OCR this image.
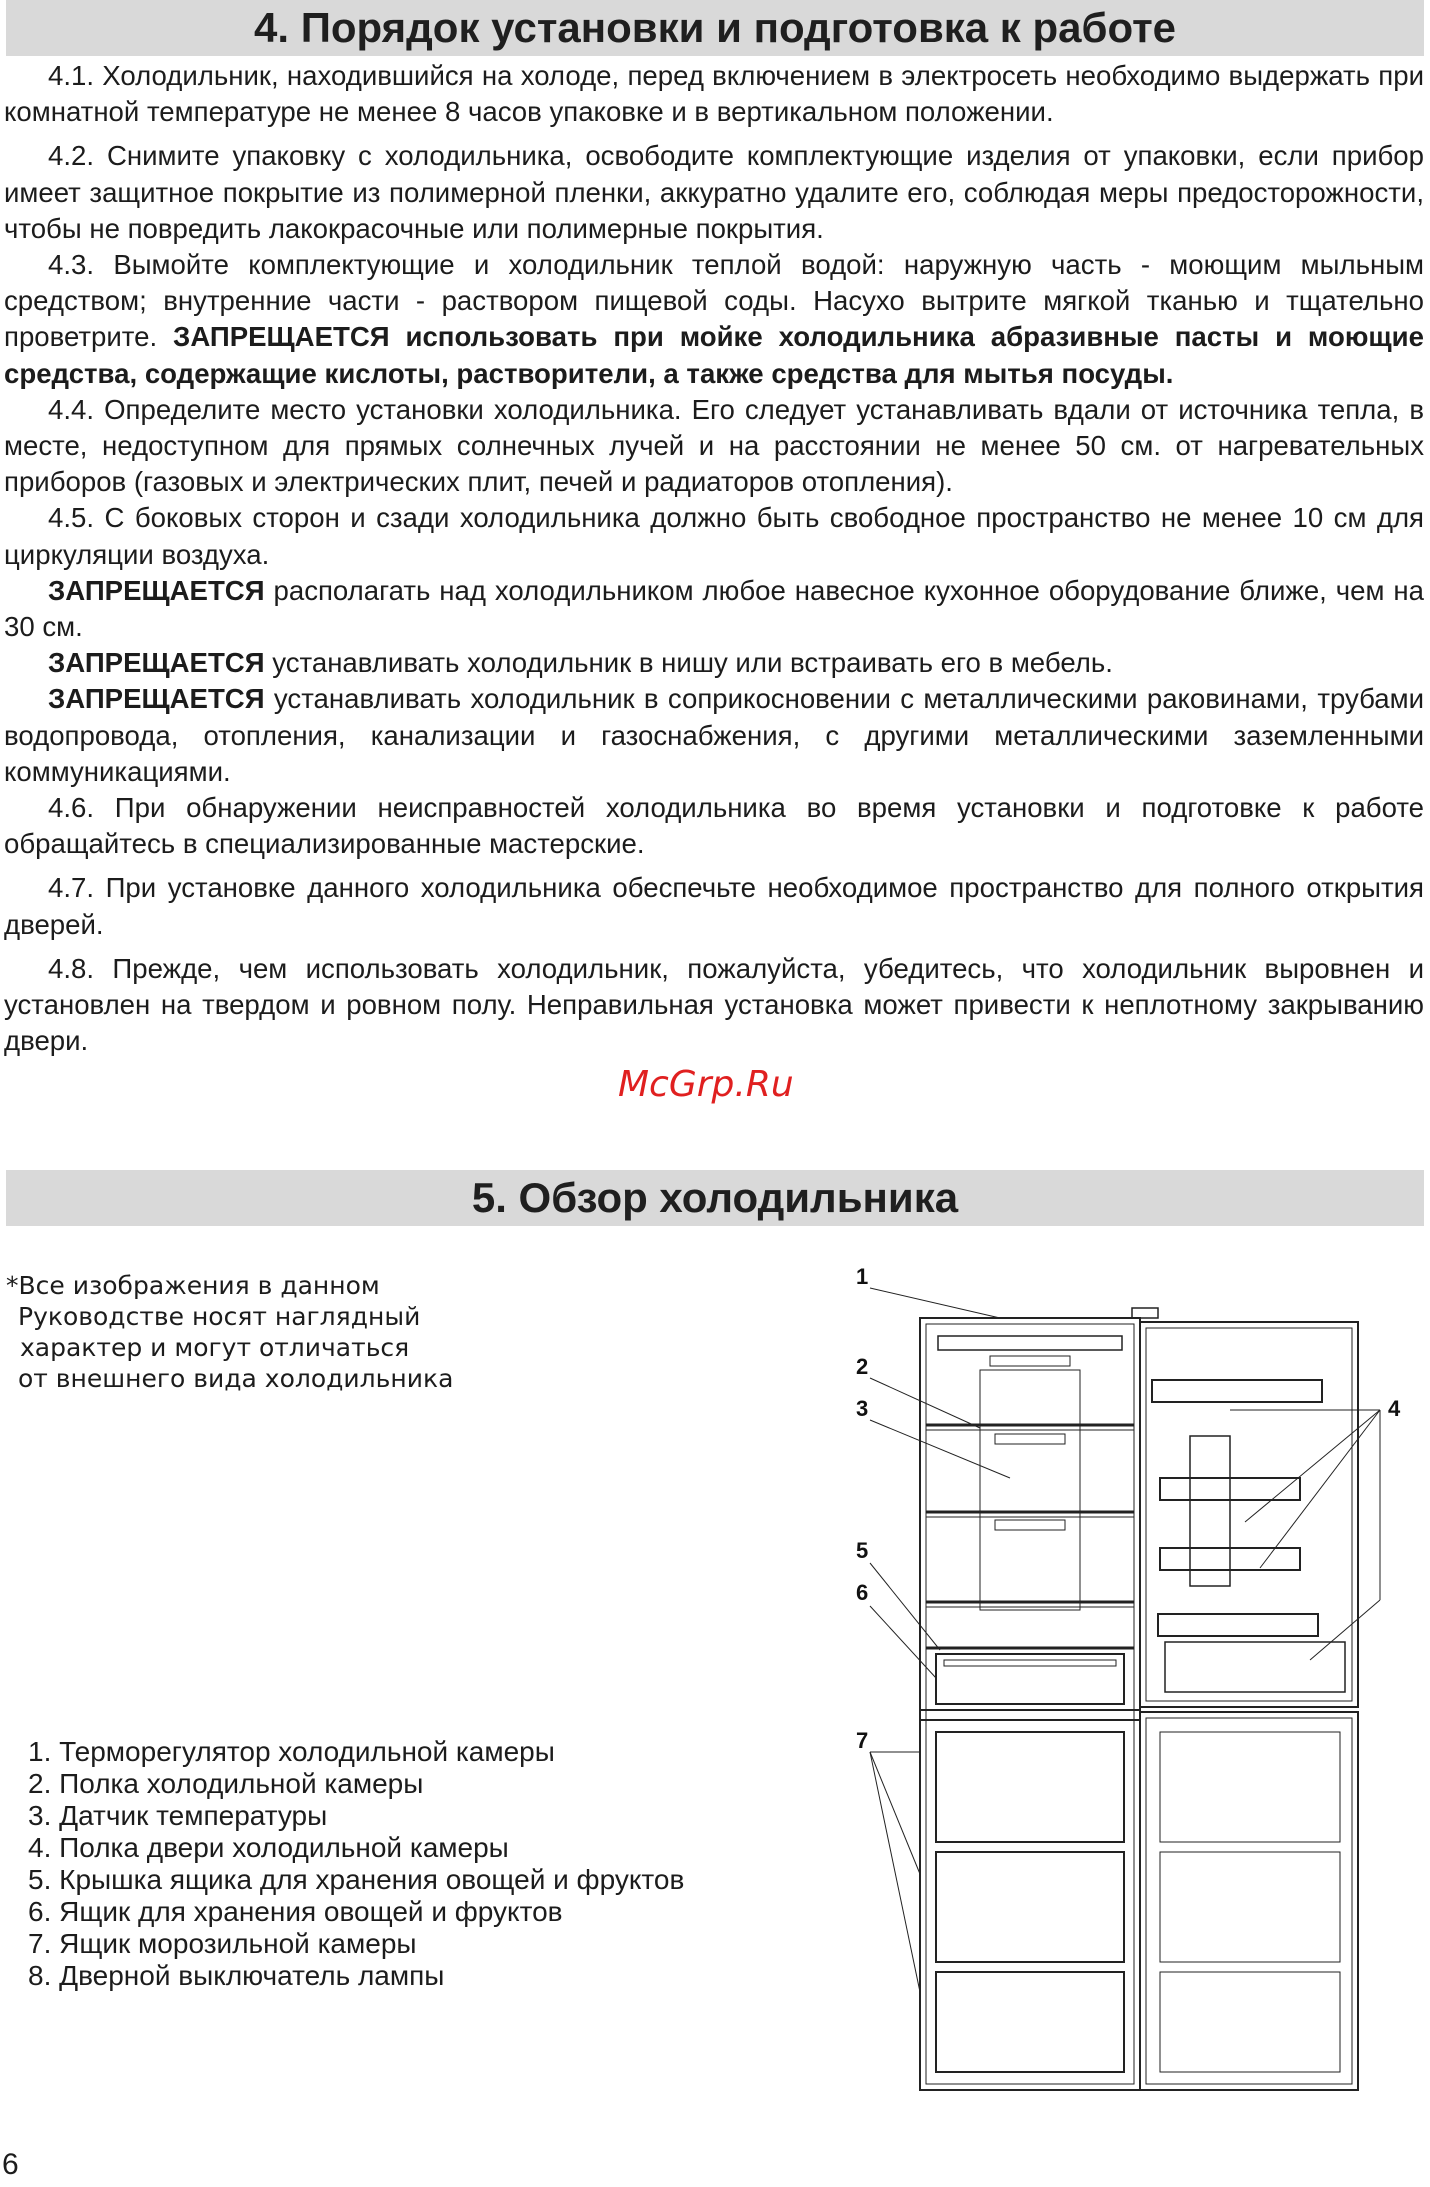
4. Порядок установки и подготовка к работе

4.1. Холодильник, находившийся на холоде, перед включением в электросеть необходимо выдержать при комнатной температуре не менее 8 часов упаковке и в вертикальном положении.

4.2. Снимите упаковку с холодильника, освободите комплектующие изделия от упаковки, если прибор имеет защитное покрытие из полимерной пленки, аккуратно удалите его, соблюдая меры предосторожности, чтобы не повредить лакокрасочные или полимерные покрытия.

4.3. Вымойте комплектующие и холодильник теплой водой: наружную часть - моющим мыльным средством; внутренние части - раствором пищевой соды. Насухо вытрите мягкой тканью и тщательно проветрите. ЗАПРЕЩАЕТСЯ использовать при мойке холодильника абразивные пасты и моющие средства, содержащие кислоты, растворители, а также средства для мытья посуды.

4.4. Определите место установки холодильника. Его следует устанавливать вдали от источника тепла, в месте, недоступном для прямых солнечных лучей и на расстоянии не менее 50 см. от нагревательных приборов (газовых и электрических плит, печей и радиаторов отопления).

4.5. С боковых сторон и сзади холодильника должно быть свободное пространство не менее 10 см для циркуляции воздуха.

ЗАПРЕЩАЕТСЯ располагать над холодильником любое навесное кухонное оборудование ближе, чем на 30 см.

ЗАПРЕЩАЕТСЯ устанавливать холодильник в нишу или встраивать его в мебель.

ЗАПРЕЩАЕТСЯ устанавливать холодильник в соприкосновении с металлическими раковинами, трубами водопровода, отопления, канализации и газоснабжения, с другими металлическими заземленными коммуникациями.

4.6. При обнаружении неисправностей холодильника во время установки и подготовке к работе обращайтесь в специализированные мастерские.

4.7. При установке данного холодильника обеспечьте необходимое пространство для полного открытия дверей.

4.8. Прежде, чем использовать холодильник, пожалуйста, убедитесь, что холодильник выровнен и установлен на твердом и ровном полу. Неправильная установка может привести к неплотному закрыванию двери.

McGrp.Ru
5. Обзор холодильника
*Все изображения в данном
Руководстве носят наглядный
характер и могут отличаться
от внешнего вида холодильника
1. Терморегулятор холодильной камеры
2. Полка холодильной камеры
3. Датчик температуры
4. Полка двери холодильной камеры
5. Крышка ящика для хранения овощей и фруктов
6. Ящик для хранения овощей и фруктов
7. Ящик морозильной камеры
8. Дверной выключатель лампы
1
2
3	4
5
6
7
6
